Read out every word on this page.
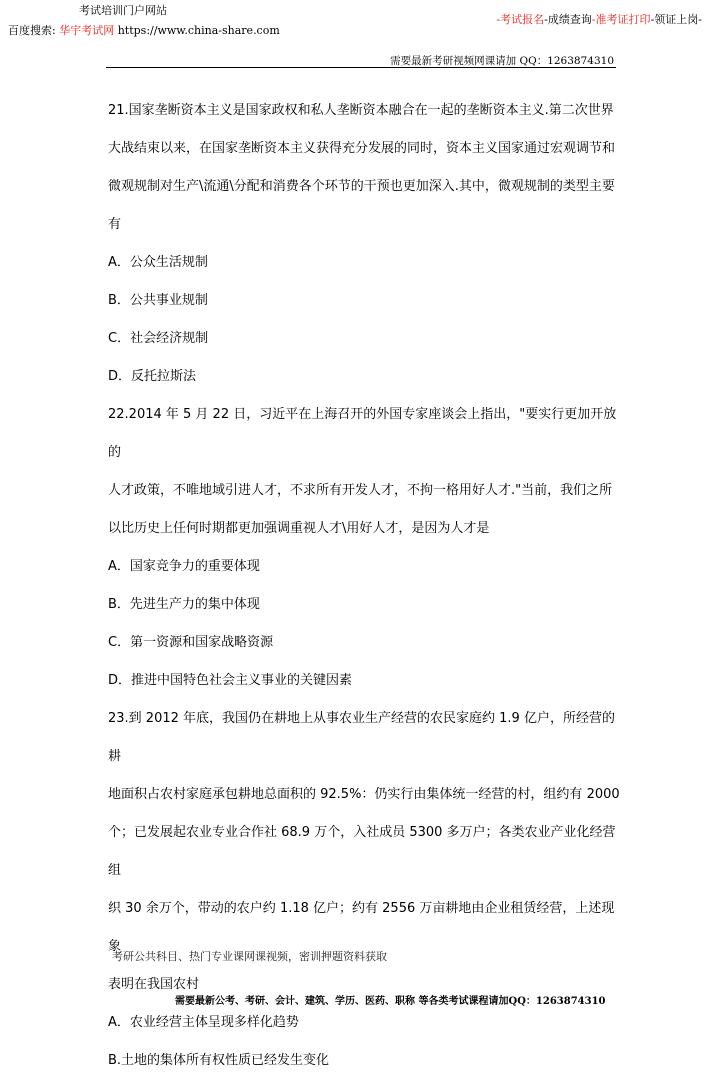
考试培训门户网站
百度搜索: 华宇考试网 https://www.china-share.com
-考试报名-成绩查询-准考证打印-领证上岗-
需要最新考研视频网课请加 QQ：1263874310

21.国家垄断资本主义是国家政权和私人垄断资本融合在一起的垄断资本主义.第二次世界

大战结束以来，在国家垄断资本主义获得充分发展的同时，资本主义国家通过宏观调节和

微观规制对生产\流通\分配和消费各个环节的干预也更加深入.其中，微观规制的类型主要

有

A．公众生活规制

B．公共事业规制

C．社会经济规制

D．反托拉斯法

22.2014 年 5 月 22 日，习近平在上海召开的外国专家座谈会上指出，"要实行更加开放的

人才政策，不唯地域引进人才，不求所有开发人才，不拘一格用好人才."当前，我们之所

以比历史上任何时期都更加强调重视人才\用好人才，是因为人才是

A．国家竞争力的重要体现

B．先进生产力的集中体现

C．第一资源和国家战略资源

D．推进中国特色社会主义事业的关键因素

23.到 2012 年底，我国仍在耕地上从事农业生产经营的农民家庭约 1.9 亿户，所经营的耕

地面积占农村家庭承包耕地总面积的 92.5%：仍实行由集体统一经营的村，组约有 2000

个；已发展起农业专业合作社 68.9 万个，入社成员 5300 多万户；各类农业产业化经营组

织 30 余万个，带动的农户约 1.18 亿户；约有 2556 万亩耕地由企业租赁经营，上述现象

表明在我国农村

A．农业经营主体呈现多样化趋势

B.土地的集体所有权性质已经发生变化

考研公共科目、热门专业课网课视频，密训押题资料获取
需要最新公考、考研、会计、建筑、学历、医药、职称 等各类考试课程请加QQ：1263874310
